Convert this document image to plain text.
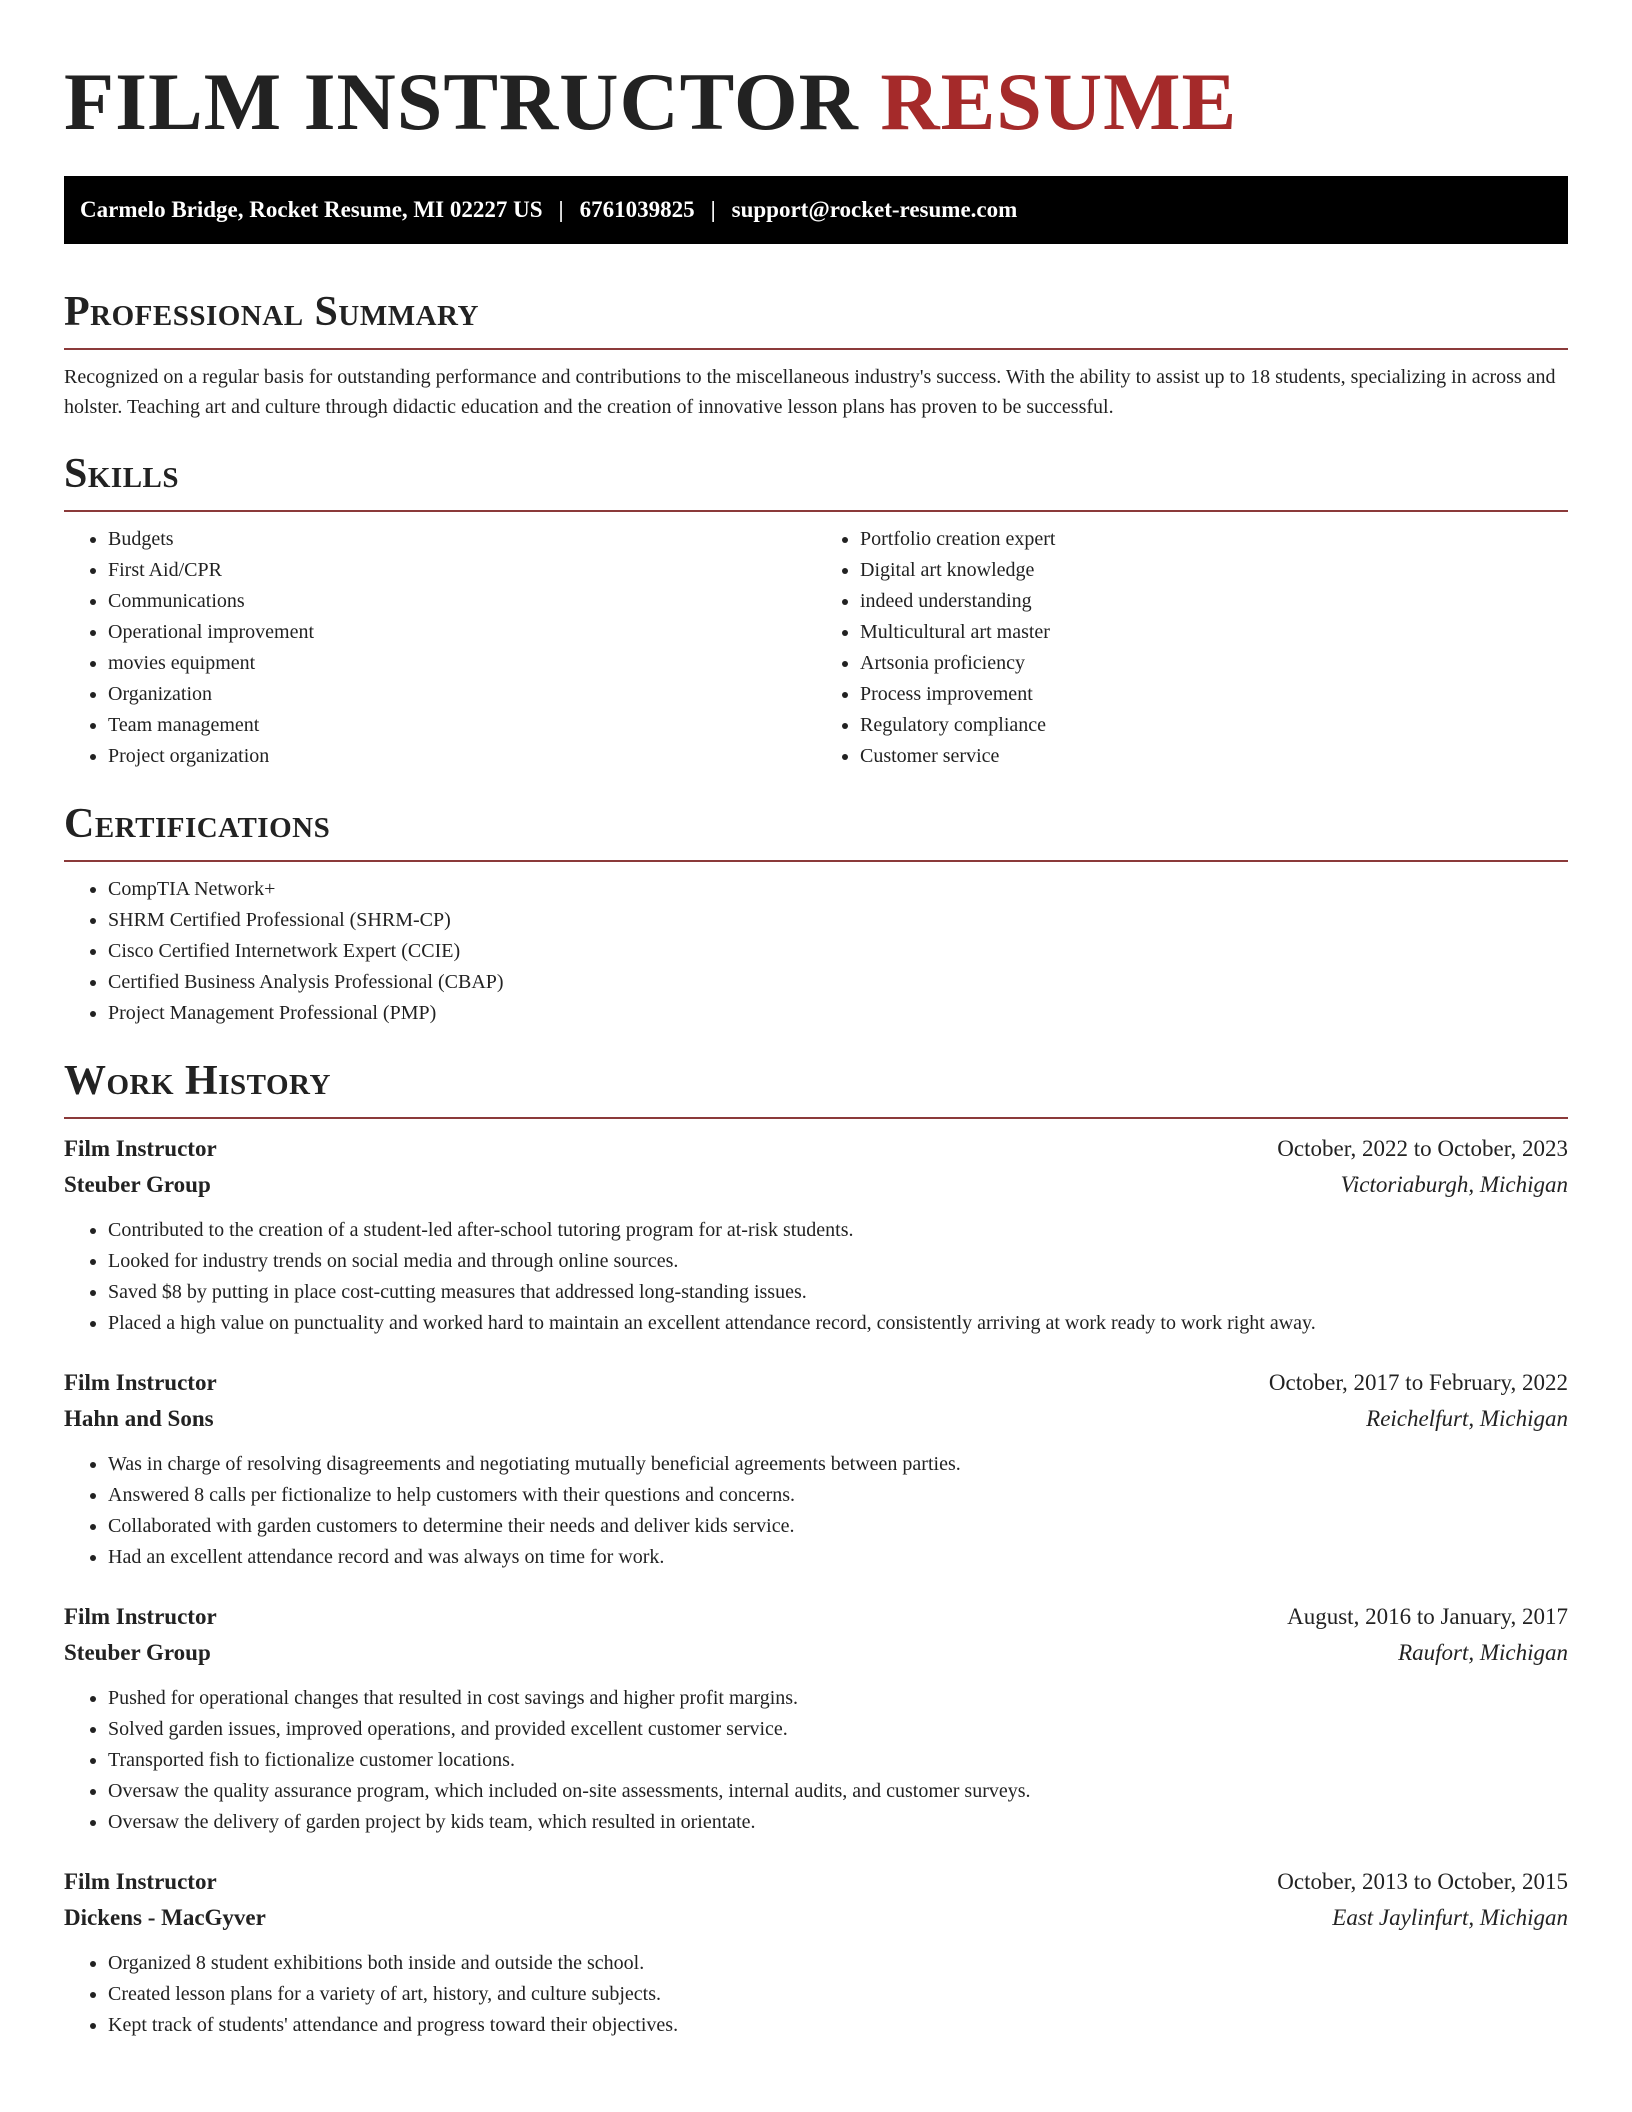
FILM INSTRUCTOR RESUME
Carmelo Bridge, Rocket Resume, MI 02227 US | 6761039825 | support@rocket-resume.com
Professional Summary

Recognized on a regular basis for outstanding performance and contributions to the miscellaneous industry's success. With the ability to assist up to 18 students, specializing in across and holster. Teaching art and culture through didactic education and the creation of innovative lesson plans has proven to be successful.

Skills
• Budgets
• First Aid/CPR
• Communications
• Operational improvement
• movies equipment
• Organization
• Team management
• Project organization
• Portfolio creation expert
• Digital art knowledge
• indeed understanding
• Multicultural art master
• Artsonia proficiency
• Process improvement
• Regulatory compliance
• Customer service
Certifications
• CompTIA Network+
• SHRM Certified Professional (SHRM-CP)
• Cisco Certified Internetwork Expert (CCIE)
• Certified Business Analysis Professional (CBAP)
• Project Management Professional (PMP)
Work History
Film Instructor	October, 2022 to October, 2023
Steuber Group	Victoriaburgh, Michigan
• Contributed to the creation of a student-led after-school tutoring program for at-risk students.
• Looked for industry trends on social media and through online sources.
• Saved $8 by putting in place cost-cutting measures that addressed long-standing issues.
• Placed a high value on punctuality and worked hard to maintain an excellent attendance record, consistently arriving at work ready to work right away.
Film Instructor	October, 2017 to February, 2022
Hahn and Sons	Reichelfurt, Michigan
• Was in charge of resolving disagreements and negotiating mutually beneficial agreements between parties.
• Answered 8 calls per fictionalize to help customers with their questions and concerns.
• Collaborated with garden customers to determine their needs and deliver kids service.
• Had an excellent attendance record and was always on time for work.
Film Instructor	August, 2016 to January, 2017
Steuber Group	Raufort, Michigan
• Pushed for operational changes that resulted in cost savings and higher profit margins.
• Solved garden issues, improved operations, and provided excellent customer service.
• Transported fish to fictionalize customer locations.
• Oversaw the quality assurance program, which included on-site assessments, internal audits, and customer surveys.
• Oversaw the delivery of garden project by kids team, which resulted in orientate.
Film Instructor	October, 2013 to October, 2015
Dickens - MacGyver	East Jaylinfurt, Michigan
• Organized 8 student exhibitions both inside and outside the school.
• Created lesson plans for a variety of art, history, and culture subjects.
• Kept track of students' attendance and progress toward their objectives.
